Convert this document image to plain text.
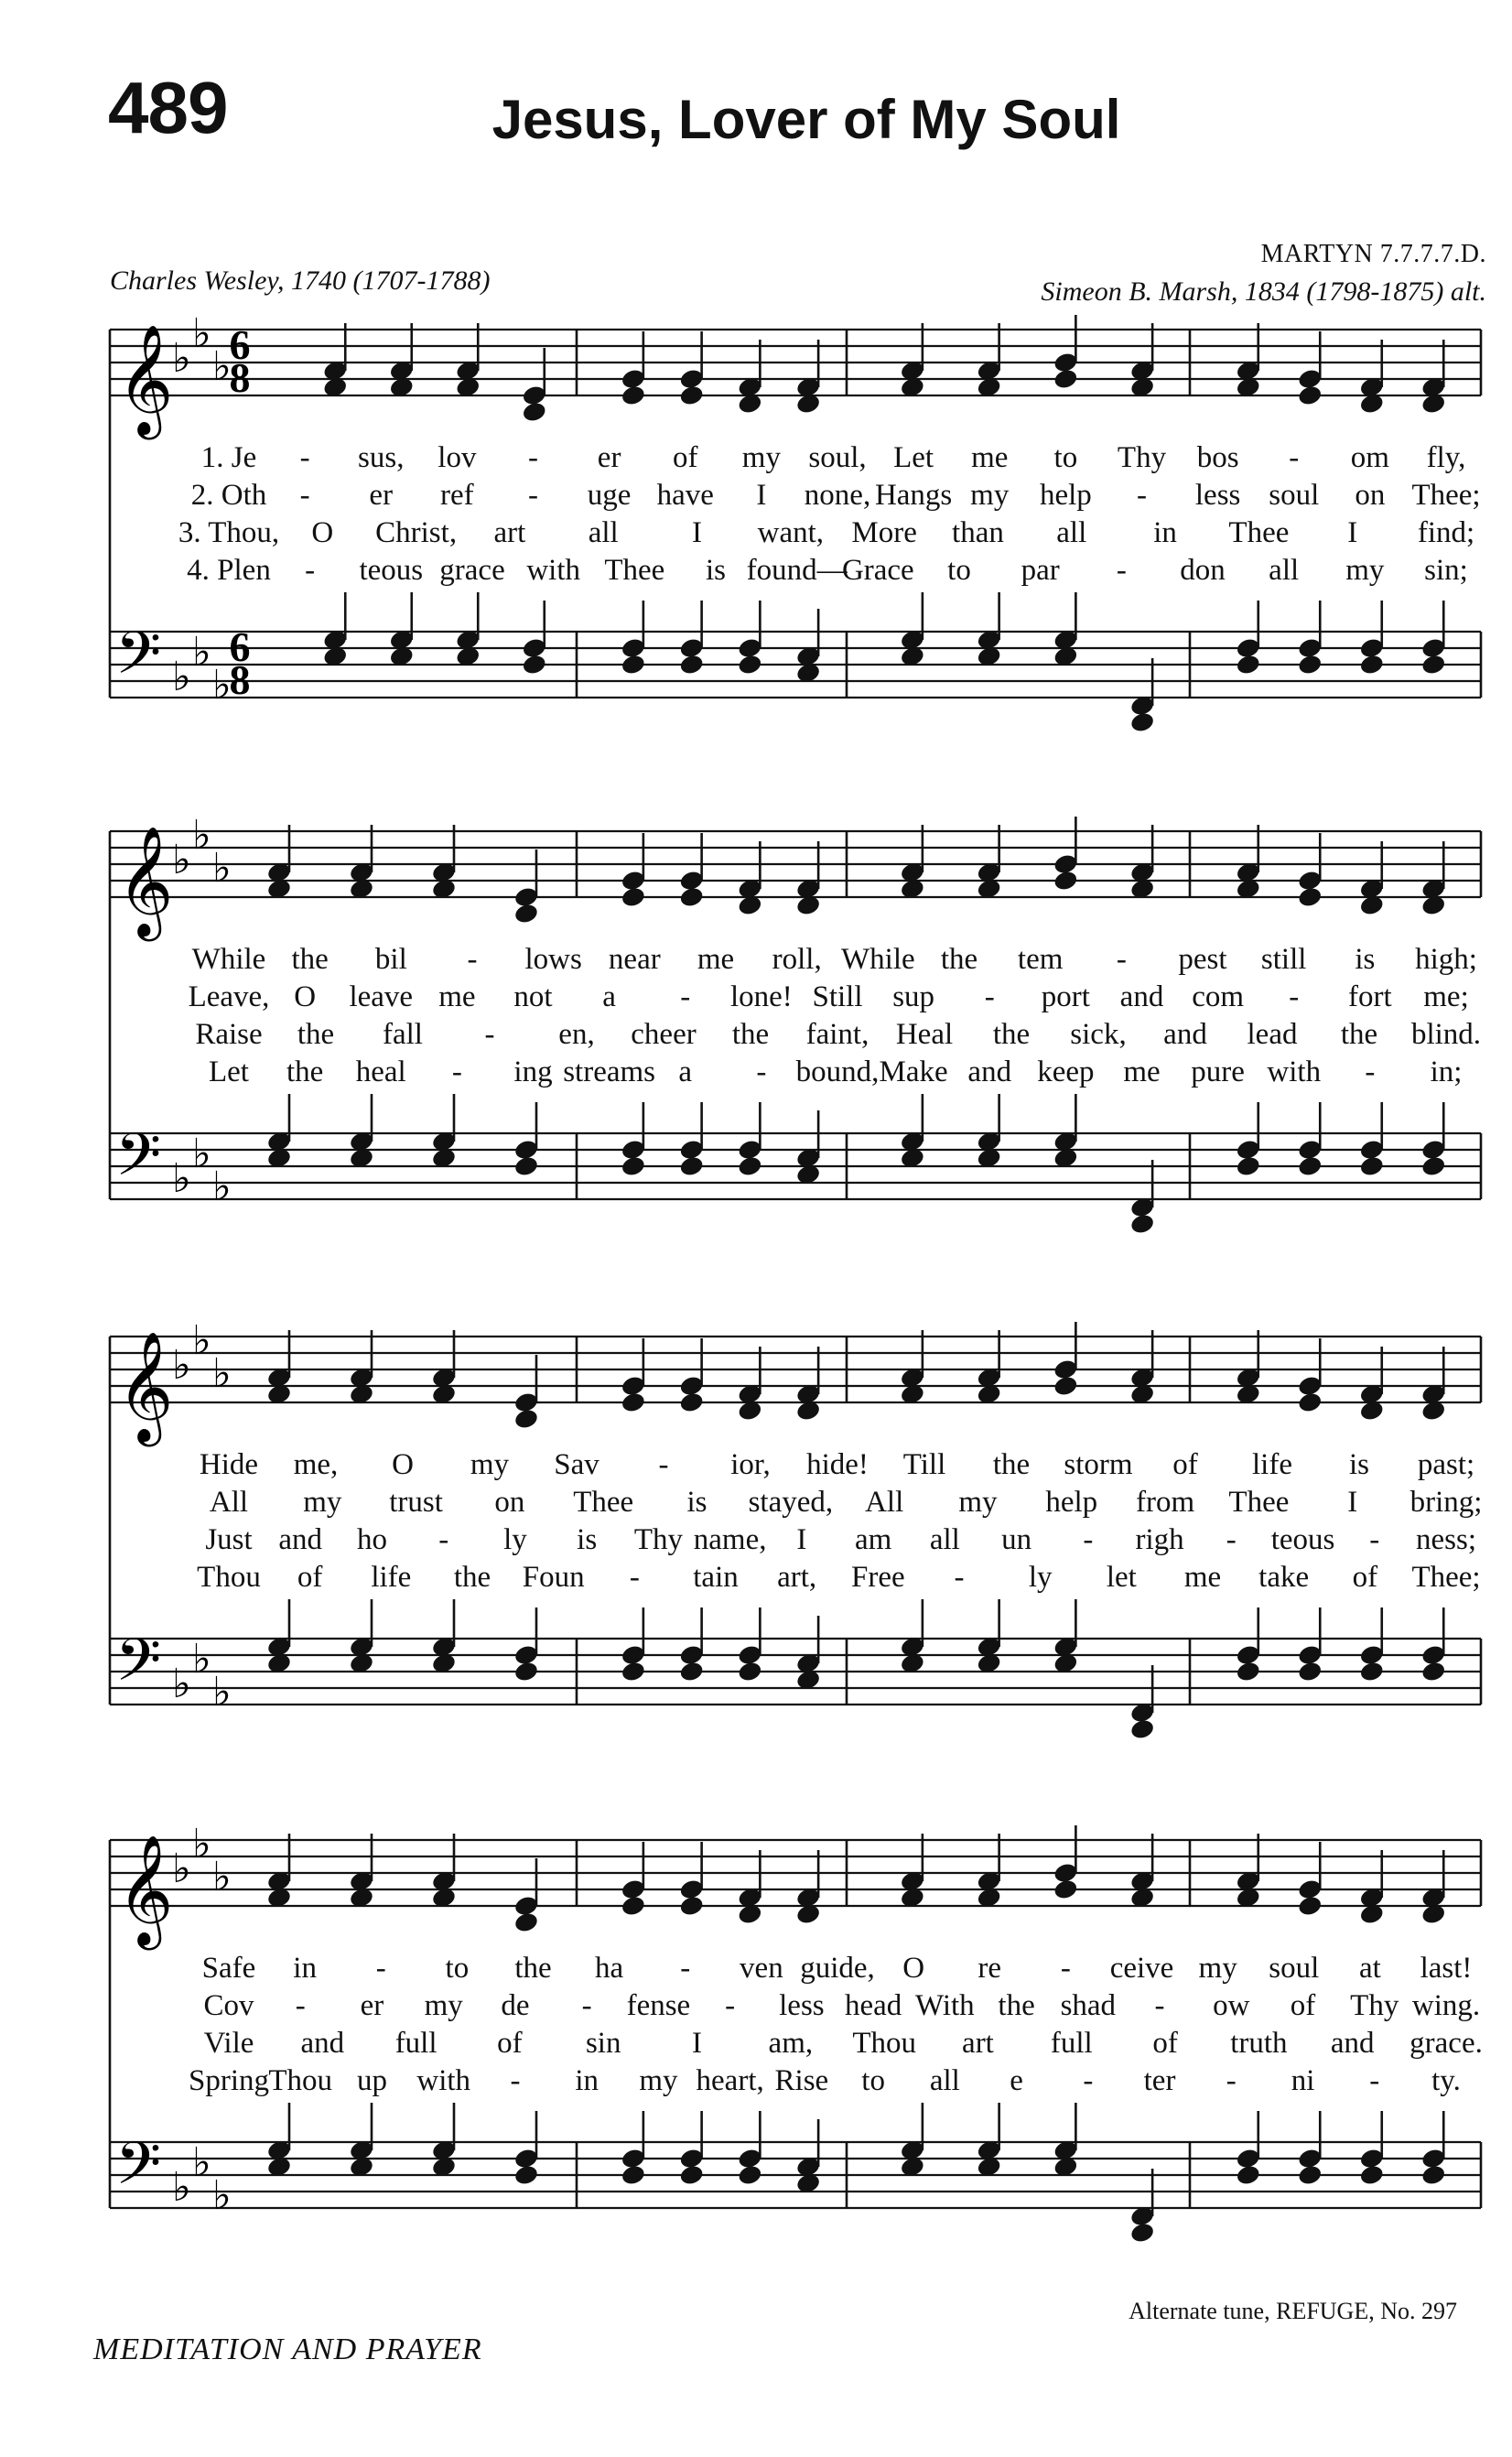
489	Jesus, Lover of My Soul
MARTYN 7.7.7.7.D.
Charles Wesley, 1740 (1707-1788)	Simeon B. Marsh, 1834 (1798-1875) alt.
𝄞
𝄢
♭
♭
♭
♭
♭
♭
6
8
6
8
1. Je - sus, lov - er of my soul, Let me to Thy bos - om fly,
2. Oth - er ref - uge have I none, Hangs my help - less soul on Thee;
3. Thou, O Christ, art all I want, More than all in Thee I find;
4. Plen - teous grace with Thee is found—
Grace to par - don all my sin;
𝄞
𝄢
♭
♭
♭
♭
♭
♭
While the bil - lows near me roll, While the tem - pest still is high;
Leave, O leave me not a - lone! Still sup - port and com - fort me;
Raise the fall - en, cheer the faint, Heal the sick, and lead the blind.
Let the heal - ing streams a - bound, Make and keep me pure with - in;
𝄞
𝄢
♭
♭
♭
♭
♭
♭
Hide me, O my Sav - ior, hide! Till the storm of life is past;
All my trust on Thee is stayed, All my help from Thee I bring;
Just and ho - ly is Thy name, I am all un - righ - teous - ness;
Thou of life the Foun - tain art, Free - ly let me take of Thee;
𝄞
𝄢
♭
♭
♭
♭
♭
♭
Safe in - to the ha - ven guide, O re - ceive my soul at last!
Cov - er my de - fense - less head With the shad - ow of Thy wing.
Vile and full of sin I am, Thou art full of truth and grace.
Spring Thou up with - in my heart, Rise to all e - ter - ni - ty.
Alternate tune, REFUGE, No. 297
MEDITATION AND PRAYER
